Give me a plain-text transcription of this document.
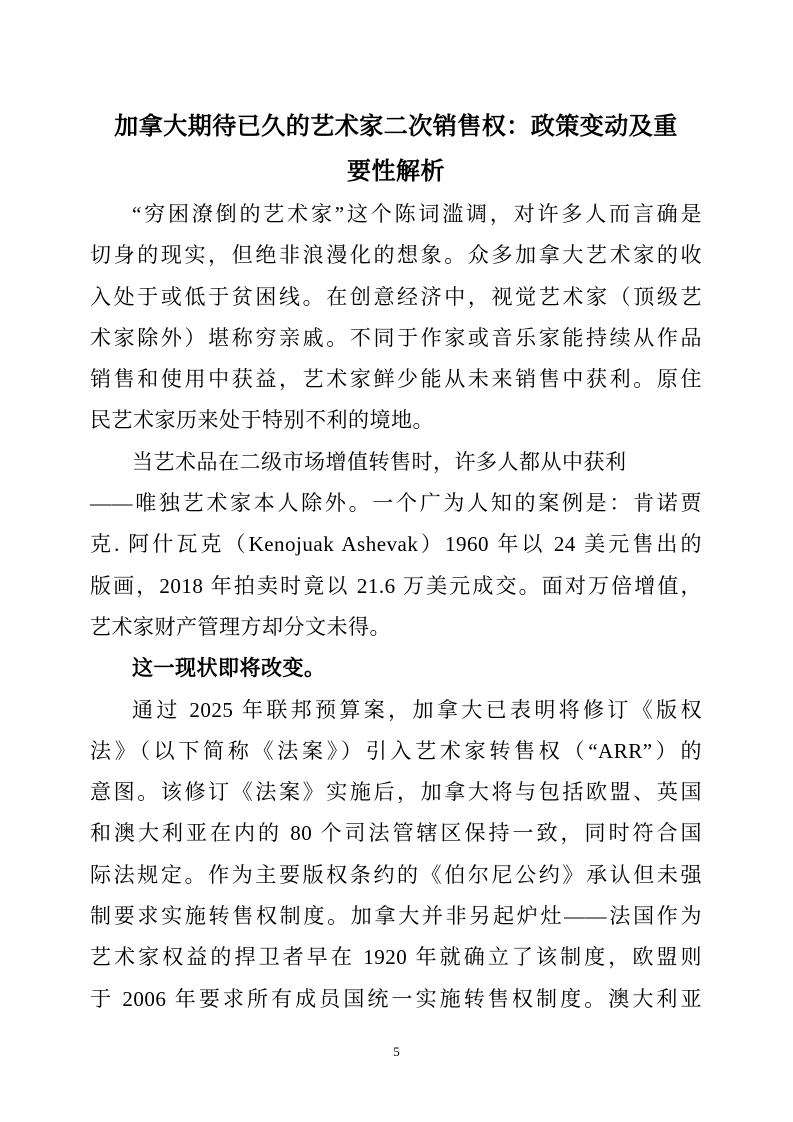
加拿大期待已久的艺术家二次销售权：政策变动及重
要性解析
“穷困潦倒的艺术家”这个陈词滥调，对许多人而言确是
切身的现实，但绝非浪漫化的想象。众多加拿大艺术家的收
入处于或低于贫困线。在创意经济中，视觉艺术家（顶级艺
术家除外）堪称穷亲戚。不同于作家或音乐家能持续从作品
销售和使用中获益，艺术家鲜少能从未来销售中获利。原住
民艺术家历来处于特别不利的境地。
当艺术品在二级市场增值转售时，许多人都从中获利
——唯独艺术家本人除外。一个广为人知的案例是：肯诺贾
克. 阿什瓦克（Kenojuak Ashevak）1960 年以 24 美元售出的
版画，2018 年拍卖时竟以 21.6 万美元成交。面对万倍增值，
艺术家财产管理方却分文未得。
这一现状即将改变。
通过 2025 年联邦预算案，加拿大已表明将修订《版权
法》（以下简称《法案》）引入艺术家转售权（“ARR”）的
意图。该修订《法案》实施后，加拿大将与包括欧盟、英国
和澳大利亚在内的 80 个司法管辖区保持一致，同时符合国
际法规定。作为主要版权条约的《伯尔尼公约》承认但未强
制要求实施转售权制度。加拿大并非另起炉灶——法国作为
艺术家权益的捍卫者早在 1920 年就确立了该制度，欧盟则
于 2006 年要求所有成员国统一实施转售权制度。澳大利亚
5
